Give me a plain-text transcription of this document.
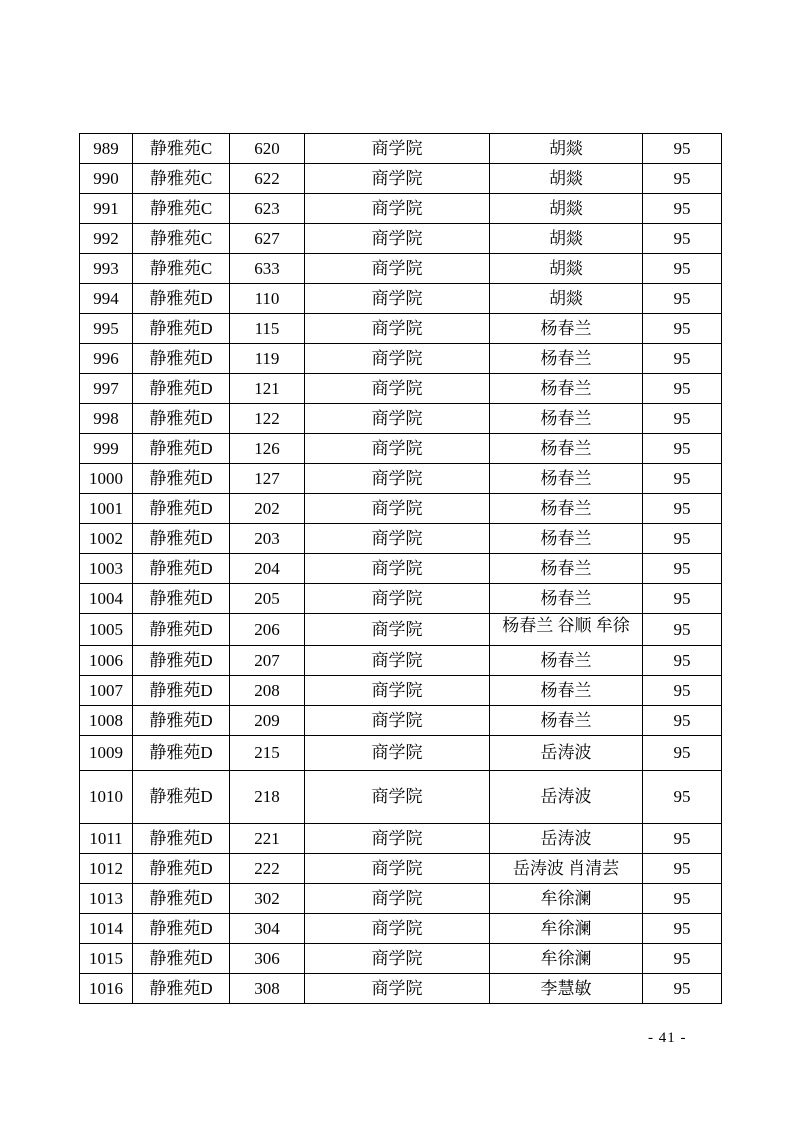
989	静雅苑C	620	商学院	胡燚	95
990	静雅苑C	622	商学院	胡燚	95
991	静雅苑C	623	商学院	胡燚	95
992	静雅苑C	627	商学院	胡燚	95
993	静雅苑C	633	商学院	胡燚	95
994	静雅苑D	110	商学院	胡燚	95
995	静雅苑D	115	商学院	杨春兰	95
996	静雅苑D	119	商学院	杨春兰	95
997	静雅苑D	121	商学院	杨春兰	95
998	静雅苑D	122	商学院	杨春兰	95
999	静雅苑D	126	商学院	杨春兰	95
1000	静雅苑D	127	商学院	杨春兰	95
1001	静雅苑D	202	商学院	杨春兰	95
1002	静雅苑D	203	商学院	杨春兰	95
1003	静雅苑D	204	商学院	杨春兰	95
1004	静雅苑D	205	商学院	杨春兰	95
1005	静雅苑D	206	商学院	杨春兰 谷顺 牟徐	95
1006	静雅苑D	207	商学院	杨春兰	95
1007	静雅苑D	208	商学院	杨春兰	95
1008	静雅苑D	209	商学院	杨春兰	95
1009	静雅苑D	215	商学院	岳涛波	95
1010	静雅苑D	218	商学院	岳涛波	95
1011	静雅苑D	221	商学院	岳涛波	95
1012	静雅苑D	222	商学院	岳涛波 肖清芸	95
1013	静雅苑D	302	商学院	牟徐澜	95
1014	静雅苑D	304	商学院	牟徐澜	95
1015	静雅苑D	306	商学院	牟徐澜	95
1016	静雅苑D	308	商学院	李慧敏	95
- 41 -
